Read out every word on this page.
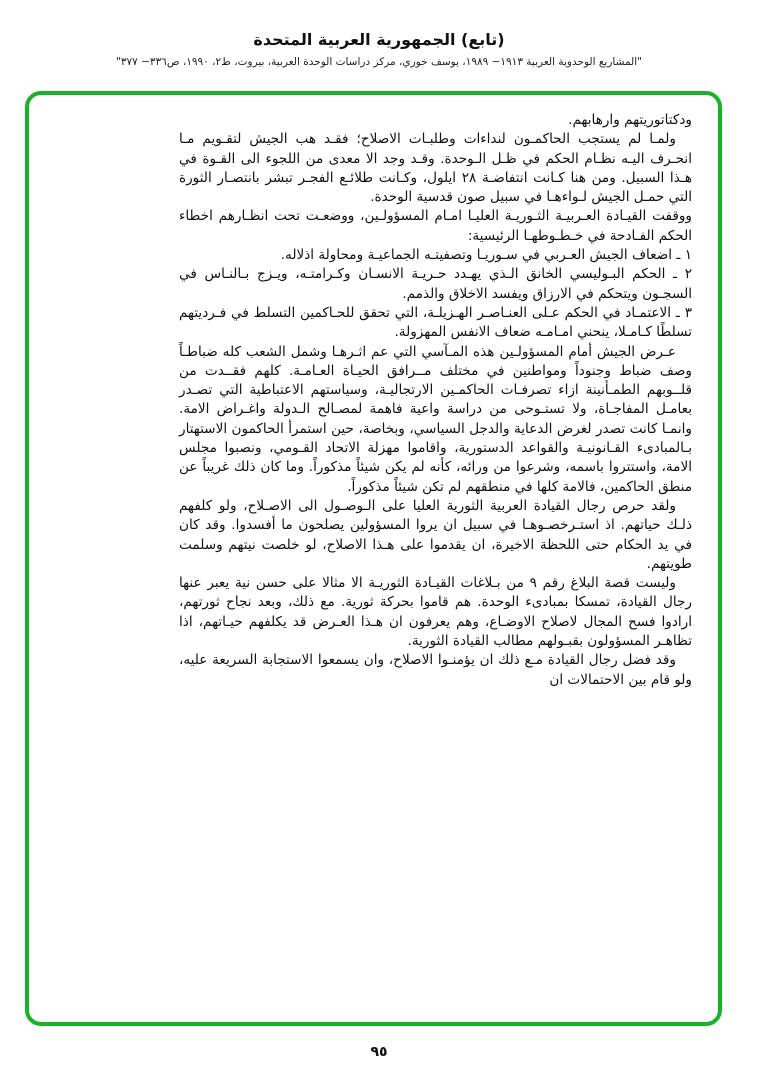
(تابع) الجمهورية العربية المتحدة
"المشاريع الوحدوية العربية ١٩١٣− ١٩٨٩، يوسف خوري، مركز دراسات الوحدة العربية، بيروت، ط٢، ١٩٩٠، ص٣٣٦− ٣٧٧"

ودكتاتوريتهم وارهابهم.

ولمـا لم يستجب الحاكمـون لنداءات وطلبـات الاصلاح؛ فقـد هب الجيش لتقـويم مـا انحـرف اليـه نظـام الحكم في ظـل الـوحدة. وقـد وجد الا معدى من اللجوء الى القـوة في هـذا السبيل. ومن هنا كـانت انتفاضـة ٢٨ ايلول، وكـانت طلائـع الفجـر تبشر بانتصـار الثورة التي حمـل الجيش لـواءهـا في سبيل صون قدسية الوحدة.

ووقفت القيـادة العـربيـة الثـوريـة العليـا امـام المسؤولـين، ووضعـت تحت انظـارهم اخطاء الحكم الفـادحة في خـطـوطهـا الرئيسية:

١ ـ اضعاف الجيش العـربي في سـوريـا وتصفيتـه الجماعيـة ومحاولة اذلاله.

٢ ـ الحكم البـوليسي الخانق الـذي يهـدد حـريـة الانسـان وكـرامتـه، ويـزج بـالنـاس في السجـون ويتحكم في الارزاق ويفسد الاخلاق والذمم.

٣ ـ الاعتمـاد في الحكم عـلى العنـاصـر الهـزيلـة، التي تحقق للحـاكمين التسلط في فـرديتهم تسلطًا كـامـلا، ينحني امـامـه ضعاف الانفس المهزولة.

عـرض الجيش أمام المسؤولـين هذه المـآسي التي عم اثـرهـا وشمل الشعب كله ضباطـاً وصف ضباط وجنوداً ومواطنين في مختلف مــرافق الحيـاة العـامـة. كلهم فقــدت من قلــوبهم الطمـأنينة ازاء تصرفـات الحاكمـين الارتجاليـة، وسياستهم الاعتباطية التي تصـدر بعامـل المفاجـاة، ولا تستـوحى من دراسة واعية فاهمة لمصـالح الـدولة واغـراض الامة. وانمـا كانت تصدر لغرض الدعاية والدجل السياسي، وبخاصة، حين استمرأ الحاكمون الاستهتار بـالمبادىء القـانونيـة والقواعد الدستورية، واقاموا مهزلة الاتحاد القـومي، ونصبوا مجلس الامة، واستتروا باسمه، وشرعوا من ورائه، كأنه لم يكن شيئاً مذكوراً. وما كان ذلك غريباً عن منطق الحاكمين، فالامة كلها في منطقهم لم تكن شيئاً مذكوراً.

ولقد حرص رجال القيادة العربية الثورية العليا على الـوصـول الى الاصـلاح، ولو كلفهم ذلـك حياتهم. اذ استـرخصـوهـا في سبيل ان يروا المسؤولين يصلحون ما أفسدوا. وقد كان في يد الحكام حتى اللحظة الاخيرة، ان يقدموا على هـذا الاصلاح، لو خلصت نيتهم وسلمت طويتهم.

وليست قصة البلاغ رقم ٩ من بـلاغات القيـادة الثوريـة الا مثالا على حسن نية يعبر عنها رجال القيادة، تمسكا بمبادىء الوحدة. هم قاموا بحركة ثورية. مع ذلك، وبعد نجاح ثورتهم، ارادوا فسح المجال لاصلاح الاوضـاع، وهم يعرفون ان هـذا العـرض قد يكلفهم حيـاتهم، اذا تظاهـر المسؤولون بقبـولهم مطالب القيادة الثورية.

وقد فضل رجال القيادة مـع ذلك ان يؤمنـوا الاصلاح، وان يسمعوا الاستجابة السريعة عليه، ولو قام بين الاحتمالات ان

٩٥
